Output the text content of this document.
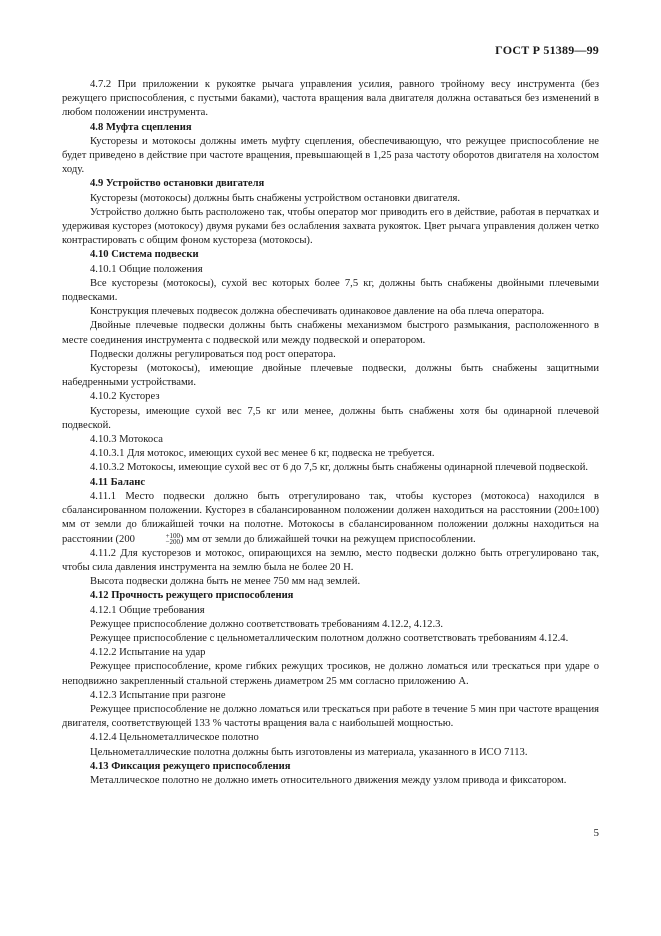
ГОСТ Р 51389—99

4.7.2 При приложении к рукоятке рычага управления усилия, равного тройному весу инструмента (без режущего приспособления, с пустыми баками), частота вращения вала двигателя должна оставаться без изменений в любом положении инструмента.

4.8 Муфта сцепления

Кусторезы и мотокосы должны иметь муфту сцепления, обеспечивающую, что режущее приспособление не будет приведено в действие при частоте вращения, превышающей в 1,25 раза частоту оборотов двигателя на холостом ходу.

4.9 Устройство остановки двигателя

Кусторезы (мотокосы) должны быть снабжены устройством остановки двигателя.

Устройство должно быть расположено так, чтобы оператор мог приводить его в действие, работая в перчатках и удерживая кусторез (мотокосу) двумя руками без ослабления захвата рукояток. Цвет рычага управления должен четко контрастировать с общим фоном кустореза (мотокосы).

4.10 Система подвески

4.10.1 Общие положения

Все кусторезы (мотокосы), сухой вес которых более 7,5 кг, должны быть снабжены двойными плечевыми подвесками.

Конструкция плечевых подвесок должна обеспечивать одинаковое давление на оба плеча оператора.

Двойные плечевые подвески должны быть снабжены механизмом быстрого размыкания, расположенного в месте соединения инструмента с подвеской или между подвеской и оператором.

Подвески должны регулироваться под рост оператора.

Кусторезы (мотокосы), имеющие двойные плечевые подвески, должны быть снабжены защитными набедренными устройствами.

4.10.2 Кусторез

Кусторезы, имеющие сухой вес 7,5 кг или менее, должны быть снабжены хотя бы одинарной плечевой подвеской.

4.10.3 Мотокоса

4.10.3.1 Для мотокос, имеющих сухой вес менее 6 кг, подвеска не требуется.

4.10.3.2 Мотокосы, имеющие сухой вес от 6 до 7,5 кг, должны быть снабжены одинарной плечевой подвеской.

4.11 Баланс

4.11.1 Место подвески должно быть отрегулировано так, чтобы кусторез (мотокоса) находился в сбалансированном положении. Кусторез в сбалансированном положении должен находиться на расстоянии (200±100) мм от земли до ближайшей точки на полотне. Мотокосы в сбалансированном положении должны находиться на расстоянии (200	+100
−200 ) мм от земли до ближайшей точки на режущем приспособлении.

4.11.2 Для кусторезов и мотокос, опирающихся на землю, место подвески должно быть отрегулировано так, чтобы сила давления инструмента на землю была не более 20 Н.

Высота подвески должна быть не менее 750 мм над землей.

4.12 Прочность режущего приспособления

4.12.1 Общие требования

Режущее приспособление должно соответствовать требованиям 4.12.2, 4.12.3.

Режущее приспособление с цельнометаллическим полотном должно соответствовать требованиям 4.12.4.

4.12.2 Испытание на удар

Режущее приспособление, кроме гибких режущих тросиков, не должно ломаться или трескаться при ударе о неподвижно закрепленный стальной стержень диаметром 25 мм согласно приложению А.

4.12.3 Испытание при разгоне

Режущее приспособление не должно ломаться или трескаться при работе в течение 5 мин при частоте вращения двигателя, соответствующей 133 % частоты вращения вала с наибольшей мощностью.

4.12.4 Цельнометаллическое полотно

Цельнометаллические полотна должны быть изготовлены из материала, указанного в ИСО 7113.

4.13 Фиксация режущего приспособления

Металлическое полотно не должно иметь относительного движения между узлом привода и фиксатором.

5
